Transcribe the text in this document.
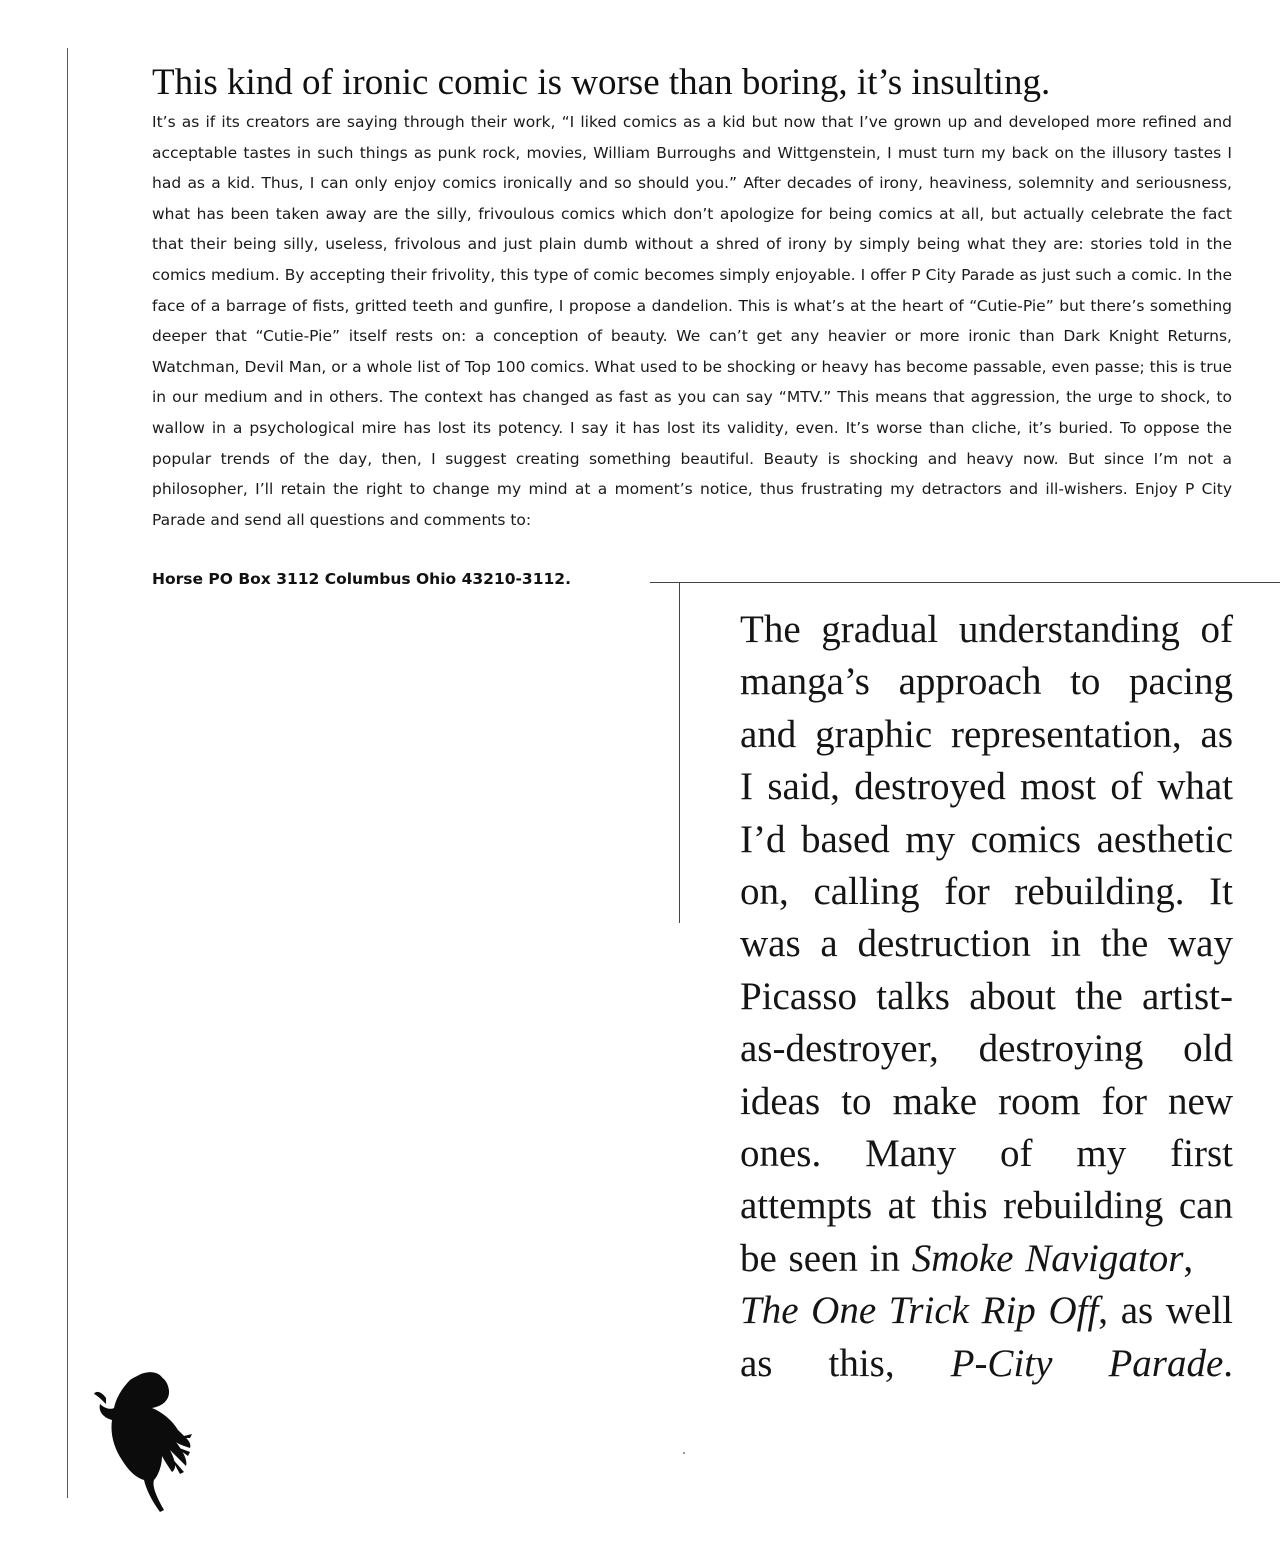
This kind of ironic comic is worse than boring, it’s insulting.

It’s as if its creators are saying through their work, “I liked comics as a kid but now that I’ve grown up and developed more refined and acceptable tastes in such things as punk rock, movies, William Burroughs and Wittgenstein, I must turn my back on the illusory tastes I had as a kid. Thus, I can only enjoy comics ironically and so should you.” After decades of irony, heaviness, solemnity and seriousness, what has been taken away are the silly, frivoulous comics which don’t apologize for being comics at all, but actually celebrate the fact that their being silly, useless, frivolous and just plain dumb without a shred of irony by simply being what they are: stories told in the comics medium. By accepting their frivolity, this type of comic becomes simply enjoyable. I offer P City Parade as just such a comic. In the face of a barrage of fists, gritted teeth and gunfire, I propose a dandelion. This is what’s at the heart of “Cutie-Pie” but there’s something deeper that “Cutie-Pie” itself rests on: a conception of beauty. We can’t get any heavier or more ironic than Dark Knight Returns, Watchman, Devil Man, or a whole list of Top 100 comics. What used to be shocking or heavy has become passable, even passe; this is true in our medium and in others. The context has changed as fast as you can say “MTV.” This means that aggression, the urge to shock, to wallow in a psychological mire has lost its potency. I say it has lost its validity, even. It’s worse than cliche, it’s buried. To oppose the popular trends of the day, then, I suggest creating something beautiful. Beauty is shocking and heavy now. But since I’m not a philosopher, I’ll retain the right to change my mind at a moment’s notice, thus frustrating my detractors and ill-wishers. Enjoy P City Parade and send all questions and comments to:

Horse PO Box 3112 Columbus Ohio 43210-3112.

The gradual understanding of manga’s approach to pacing and graphic representation, as I said, destroyed most of what I’d based my comics aesthetic on, calling for rebuilding. It was a destruction in the way Picasso talks about the artist-as-destroyer, destroying old ideas to make room for new ones. Many of my first attempts at this rebuilding can be seen in Smoke Navigator,
The One Trick Rip Off, as well as this, P-City Parade.
